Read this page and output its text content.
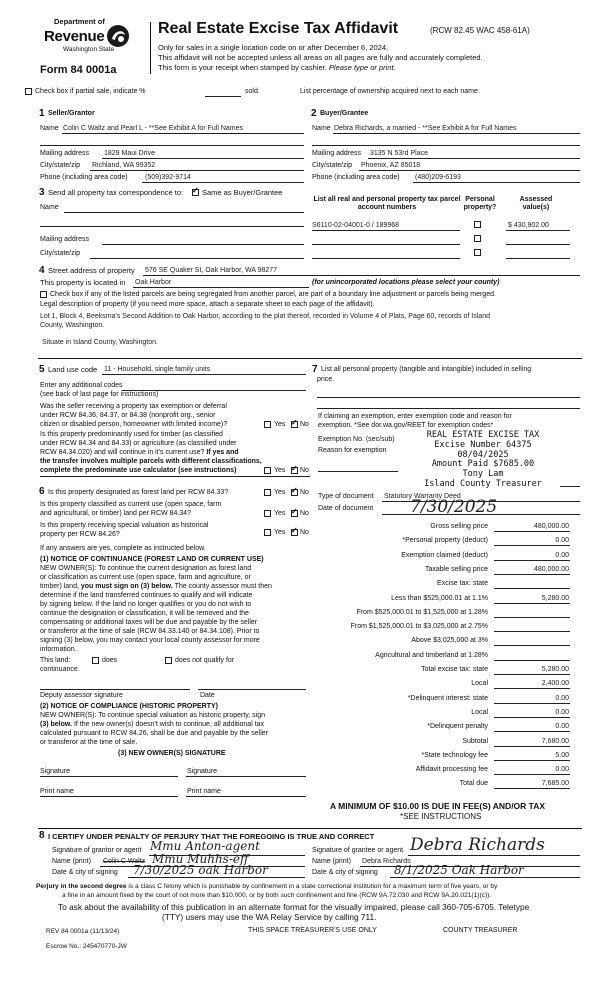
Department of
Revenue
Washington State
Form 84 0001a
Real Estate Excise Tax Affidavit	(RCW 82.45 WAC 458-61A)
Only for sales in a single location code on or after December 6, 2024.
This affidavit will not be accepted unless all areas on all pages are fully and accurately completed.
This form is your receipt when stamped by cashier. Please type or print.
Check box if partial sale, indicate %	sold.	List percentage of ownership acquired next to each name.
1 Seller/Grantor
Name Colin C Waltz and Pearl L - **See Exhibit A for Full Names
Mailing address 1829 Maui Drive
City/state/zip Richland, WA 99352
Phone (including area code) (509)392-9714
2 Buyer/Grantee
Name Debra Richards, a married - **See Exhibit A for Full Names
Mailing address 3135 N 53rd Place
City/state/zip Phoenix, AZ 85018
Phone (including area code) (480)209-6193
3 Send all property tax correspondence to: ✓	Same as Buyer/Grantee
Name
Mailing address
City/state/zip
List all real and personal property tax parcel account numbers
Personal property?
Assessed value(s)
S6110-02-04001-0 / 189968	$ 430,902.00
4 Street address of property 576 SE Quaker St, Oak Harbor, WA 98277
This property is located in Oak Harbor	(for unincorporated locations please select your county)
Check box if any of the listed parcels are being segregated from another parcel, are part of a boundary line adjustment or parcels being merged.
Legal description of property (if you need more space, attach a separate sheet to each page of the affidavit).
Lot 1, Block 4, Beeksma's Second Addition to Oak Harbor, according to the plat thereof, recorded in Volume 4 of Plats, Page 60, records of Island
County, Washington.
Situate in Island County, Washington.
5 Land use code 11 - Household, single family units
Enter any additional codes
(see back of last page for instructions)
Was the seller receiving a property tax exemption or deferral
under RCW 84.36, 84.37, or 84.38 (nonprofit org., senior
citizen or disabled person, homeowner with limited income)?	Yes ✓ No
Is this property predominantly used for timber (as classified
under RCW 84.34 and 84.33) or agriculture (as classified under
RCW 84.34.020) and will continue in it's current use? If yes and
the transfer involves multiple parcels with different classifications,
complete the predominate use calculator (see instructions)	Yes ✓ No
6 Is this property designated as forest land per RCW 84.33?	Yes ✓ No
Is this property classified as current use (open space, farm
and agricultural, or timber) land per RCW 84.34?	Yes ✓ No
Is this property receiving special valuation as historical
property per RCW 84.26?	Yes ✓ No
If any answers are yes, complete as instructed below.
(1) NOTICE OF CONTINUANCE (FOREST LAND OR CURRENT USE)
NEW OWNER(S): To continue the current designation as forest land
or classification as current use (open space, farm and agriculture, or
timber) land, you must sign on (3) below. The county assessor must then
determine if the land transferred continues to qualify and will indicate
by signing below. If the land no longer qualifies or you do not wish to
continue the designation or classification, it will be removed and the
compensating or additional taxes will be due and payable by the seller
or transferor at the time of sale (RCW 84.33.140 or 84.34.108). Prior to
signing (3) below, you may contact your local county assessor for more
information.
This land:	does	does not qualify for
continuance.
Deputy assessor signature	Date
(2) NOTICE OF COMPLIANCE (HISTORIC PROPERTY)
NEW OWNER(S): To continue special valuation as historic property, sign
(3) below. If the new owner(s) doesn't wish to continue, all additional tax
calculated pursuant to RCW 84.26, shall be due and payable by the seller
or transferor at the time of sale.
(3) NEW OWNER(S) SIGNATURE
Signature	Signature
Print name	Print name
7 List all personal property (tangible and intangible) included in selling
price.
If claiming an exemption, enter exemption code and reason for
exemption. *See dor.wa.gov/REET for exemption codes*
Exemption No. (sec/sub)
Reason for exemption
REAL ESTATE EXCISE TAX
Excise Number 64375
08/04/2025
Amount Paid $7685.00
Tony Lam
Island County Treasurer
Type of document Statutory Warranty Deed
Date of document 7/30/2025
Gross selling price	480,000.00
*Personal property (deduct)	0.00
Exemption claimed (deduct)	0.00
Taxable selling price	480,000.00
Excise tax: state
Less than $525,000.01 at 1.1%	5,280.00
From $525,000.01 to $1,525,000 at 1.28%
From $1,525,000.01 to $3,025,000 at 2.75%
Above $3,025,000 at 3%
Agricultural and timberland at 1.28%
Total excise tax: state	5,280.00
Local	2,400.00
*Delinquent interest: state	0.00
Local	0.00
*Delinquent penalty	0.00
Subtotal	7,680.00
*State technology fee	5.00
Affidavit processing fee	0.00
Total due	7,685.00
A MINIMUM OF $10.00 IS DUE IN FEE(S) AND/OR TAX
*SEE INSTRUCTIONS
8 I CERTIFY UNDER PENALTY OF PERJURY THAT THE FOREGOING IS TRUE AND CORRECT
Signature of grantor or agent Mmu Anton-agent
Name (print) Colin C Waltz Mmu Muhhs-eff
Date & city of signing 7/30/2025 oak Harbor
Signature of grantee or agent Debra Richards
Name (print) Debra Richards
Date & city of signing 8/1/2025 Oak Harbor
Perjury in the second degree is a class C felony which is punishable by confinement in a state correctional institution for a maximum term of five years, or by
a fine in an amount fixed by the court of not more than $10,000, or by both such confinement and fine (RCW 9A.72.030 and RCW 9A.20.021(1)(c)).
To ask about the availability of this publication in an alternate format for the visually impaired, please call 360-705-6705. Teletype
(TTY) users may use the WA Relay Service by calling 711.
REV 84 0001a (11/13/24)	THIS SPACE TREASURER'S USE ONLY	COUNTY TREASURER
Escrow No.: 245470770-JW
